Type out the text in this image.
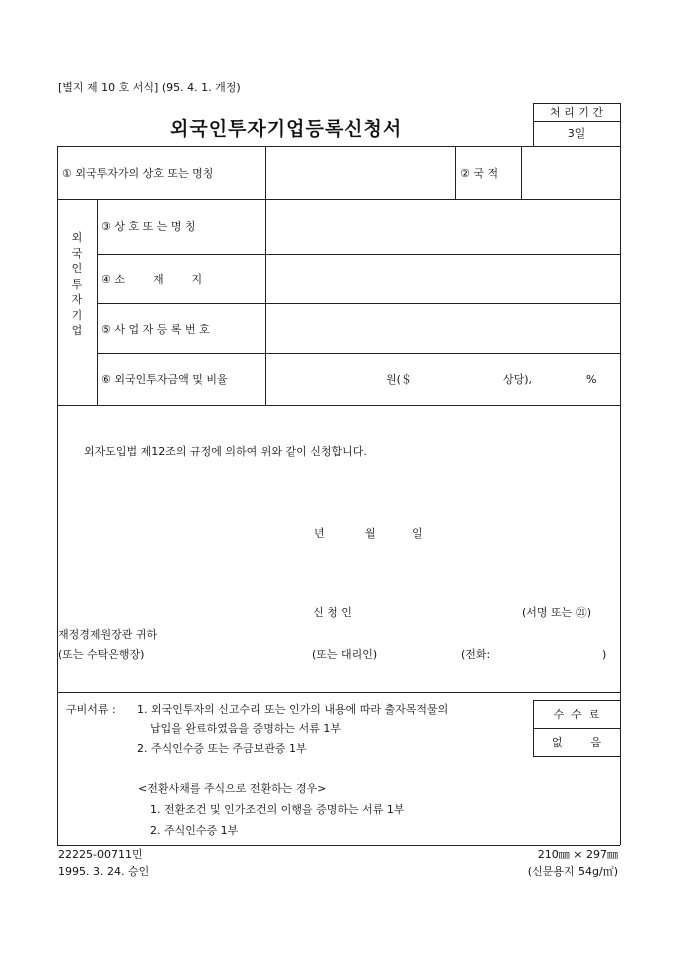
[별지 제 10 호 서식] (95. 4. 1. 개정)
외국인투자기업등록신청서
처 리 기 간
3일
① 외국투자가의 상호 또는 명칭	② 국 적
외
국
인
투
자
기
업
③ 상 호 또 는 명 칭
④ 소        재        지
⑤ 사 업 자 등 록 번 호
⑥ 외국인투자금액 및 비율	원(＄	상당),	%
외자도입법 제12조의 규정에 의하여 위와 같이 신청합니다.
년	월	일
신 청 인	(서명 또는 ㉑)
재정경제원장관 귀하
(또는 수탁은행장)	(또는 대리인)	(전화:	)
구비서류 : 1. 외국인투자의 신고수리 또는 인가의 내용에 따라 출자목적물의
납입을 완료하였음을 증명하는 서류 1부
2. 주식인수증 또는 주금보관증 1부
<전환사채를 주식으로 전환하는 경우>
1. 전환조건 및 인가조건의 이행을 증명하는 서류 1부
2. 주식인수증 1부
수  수  료
없        음
22225-00711민
1995. 3. 24. 승인
210㎜ × 297㎜
(신문용지 54g/㎡)
